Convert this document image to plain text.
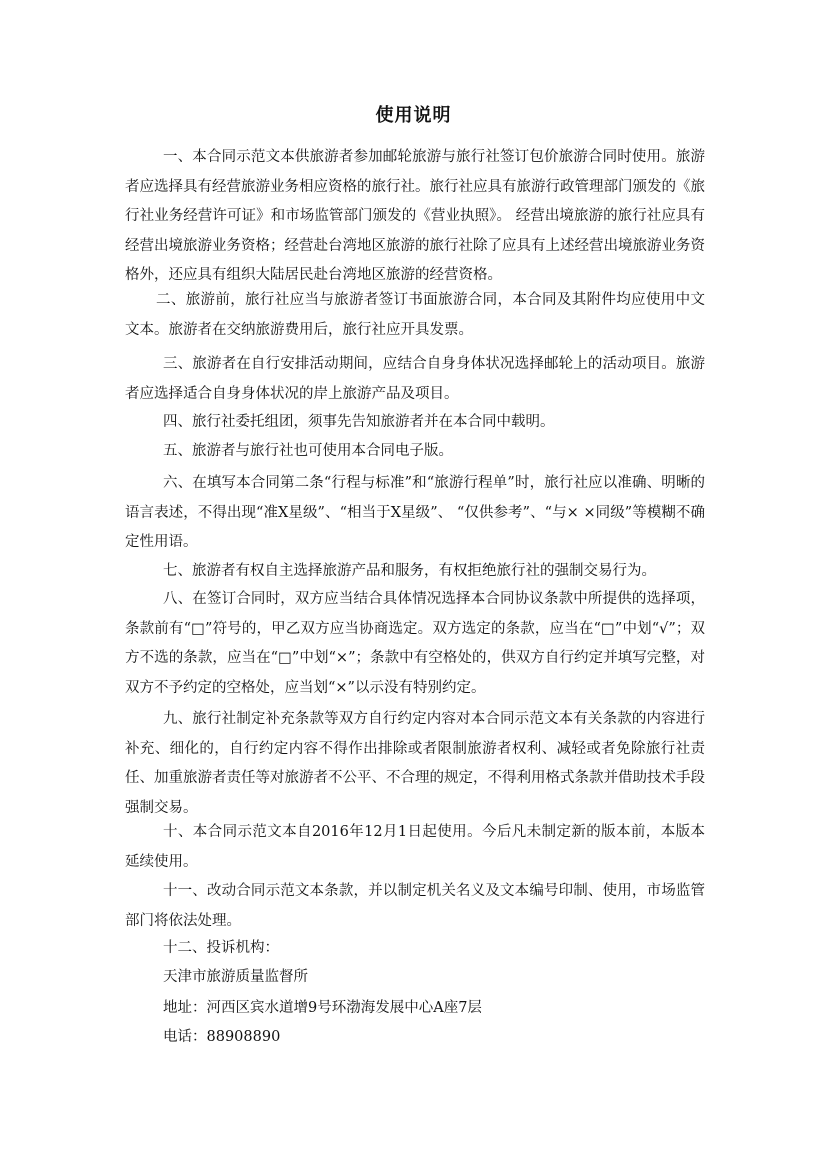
使用说明

一、本合同示范文本供旅游者参加邮轮旅游与旅行社签订包价旅游合同时使用。旅游者应选择具有经营旅游业务相应资格的旅行社。旅行社应具有旅游行政管理部门颁发的《旅行社业务经营许可证》和市场监管部门颁发的《营业执照》。 经营出境旅游的旅行社应具有经营出境旅游业务资格；经营赴台湾地区旅游的旅行社除了应具有上述经营出境旅游业务资格外，还应具有组织大陆居民赴台湾地区旅游的经营资格。

二、旅游前，旅行社应当与旅游者签订书面旅游合同，本合同及其附件均应使用中文文本。旅游者在交纳旅游费用后，旅行社应开具发票。

三、旅游者在自行安排活动期间，应结合自身身体状况选择邮轮上的活动项目。旅游者应选择适合自身身体状况的岸上旅游产品及项目。

四、旅行社委托组团，须事先告知旅游者并在本合同中载明。

五、旅游者与旅行社也可使用本合同电子版。

六、在填写本合同第二条“行程与标准”和“旅游行程单”时，旅行社应以准确、明晰的语言表述，不得出现“准X星级”、“相当于X星级”、 “仅供参考”、“与× ×同级”等模糊不确定性用语。

七、旅游者有权自主选择旅游产品和服务，有权拒绝旅行社的强制交易行为。

八、在签订合同时，双方应当结合具体情况选择本合同协议条款中所提供的选择项，条款前有“□”符号的，甲乙双方应当协商选定。双方选定的条款，应当在“□”中划“√”；双方不选的条款，应当在“□”中划“×”；条款中有空格处的，供双方自行约定并填写完整，对双方不予约定的空格处，应当划“×”以示没有特别约定。

九、旅行社制定补充条款等双方自行约定内容对本合同示范文本有关条款的内容进行补充、细化的，自行约定内容不得作出排除或者限制旅游者权利、减轻或者免除旅行社责任、加重旅游者责任等对旅游者不公平、不合理的规定，不得利用格式条款并借助技术手段强制交易。

十、本合同示范文本自2016年12月1日起使用。今后凡未制定新的版本前，本版本延续使用。

十一、改动合同示范文本条款，并以制定机关名义及文本编号印制、使用，市场监管部门将依法处理。

十二、投诉机构：

天津市旅游质量监督所

地址：河西区宾水道增9号环渤海发展中心A座7层

电话：88908890
